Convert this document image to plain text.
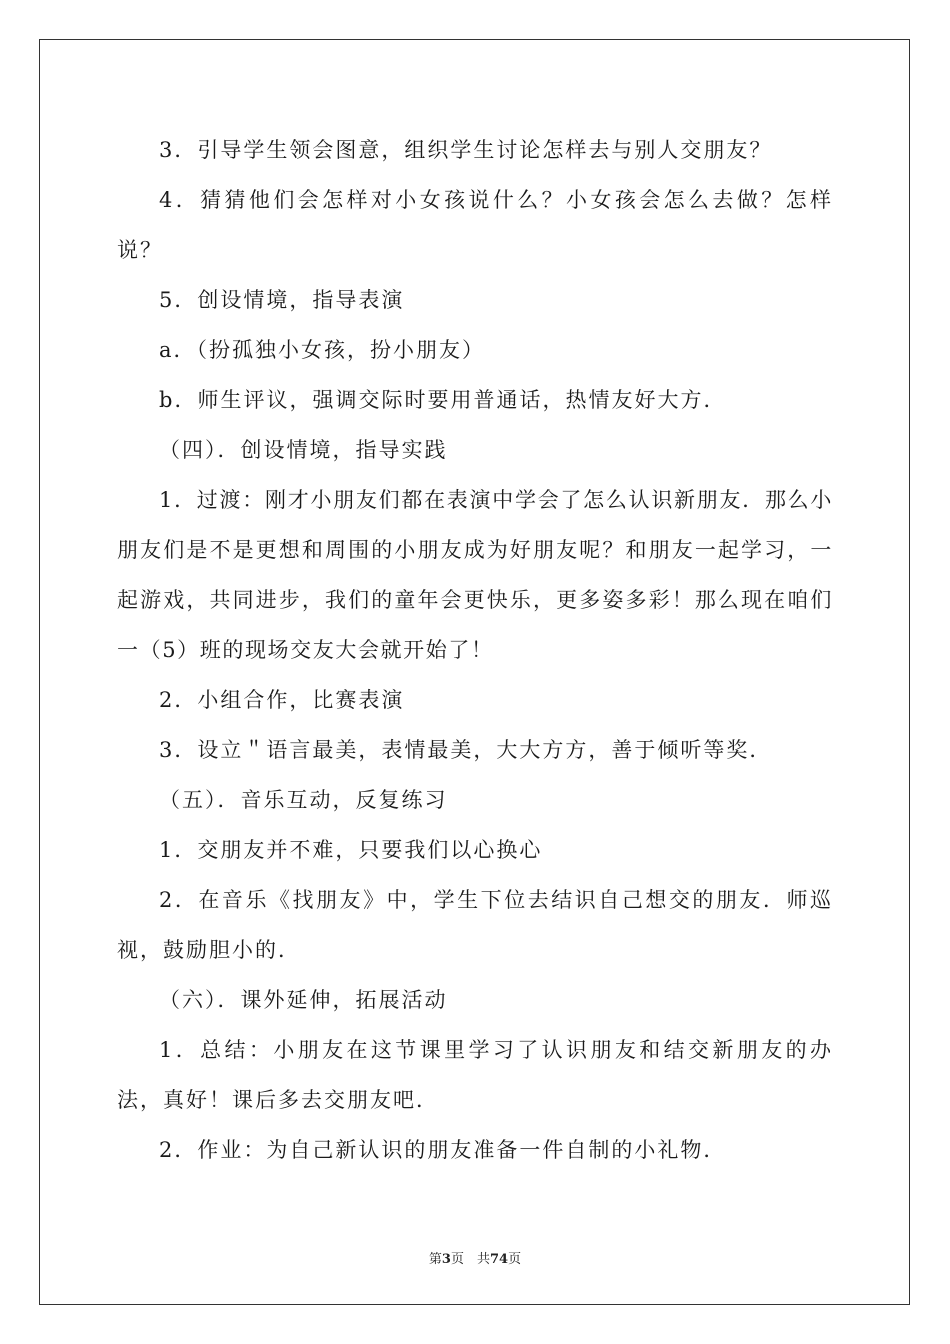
3．引导学生领会图意，组织学生讨论怎样去与别人交朋友？

4．猜猜他们会怎样对小女孩说什么？小女孩会怎么去做？怎样说？

5．创设情境，指导表演

a．（扮孤独小女孩，扮小朋友）

b．师生评议，强调交际时要用普通话，热情友好大方．

（四）．创设情境，指导实践

1．过渡：刚才小朋友们都在表演中学会了怎么认识新朋友．那么小朋友们是不是更想和周围的小朋友成为好朋友呢？和朋友一起学习，一起游戏，共同进步，我们的童年会更快乐，更多姿多彩！那么现在咱们一（5）班的现场交友大会就开始了！

2．小组合作，比赛表演

3．设立＂语言最美，表情最美，大大方方，善于倾听等奖．

（五）．音乐互动，反复练习

1．交朋友并不难，只要我们以心换心

2．在音乐《找朋友》中，学生下位去结识自己想交的朋友．师巡视，鼓励胆小的．

（六）．课外延伸，拓展活动

1．总结：小朋友在这节课里学习了认识朋友和结交新朋友的办法，真好！课后多去交朋友吧．

2．作业：为自己新认识的朋友准备一件自制的小礼物．

第3页　共74页
